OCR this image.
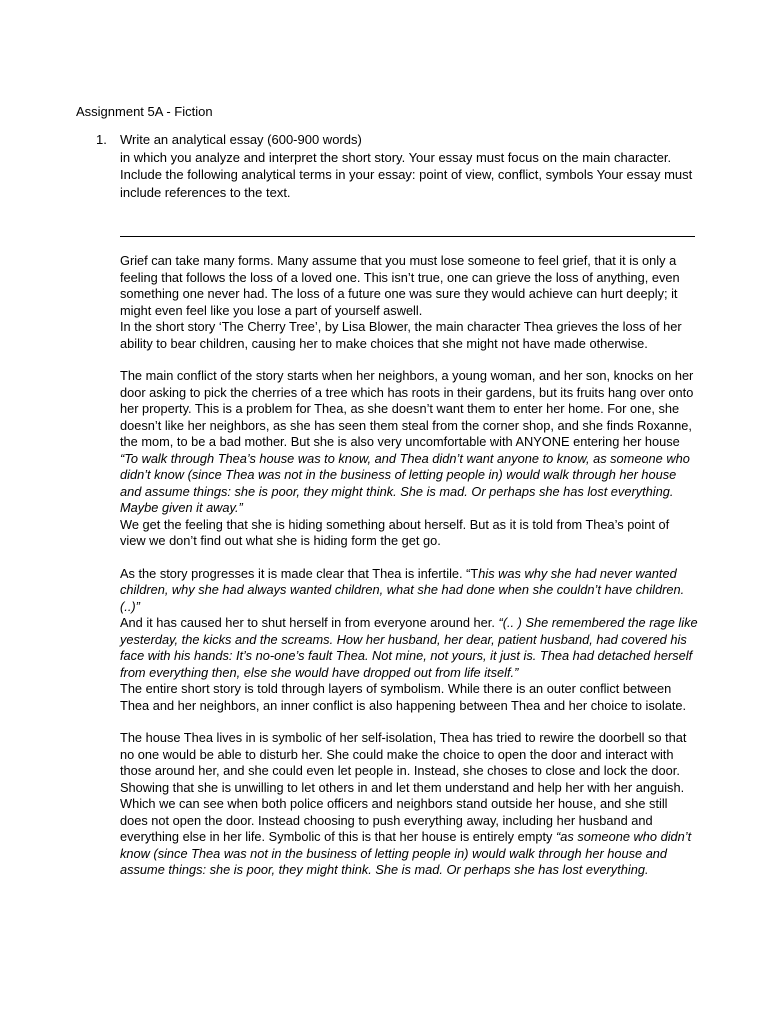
Assignment 5A - Fiction
1. Write an analytical essay (600-900 words)
in which you analyze and interpret the short story. Your essay must focus on the main character. Include the following analytical terms in your essay: point of view, conflict, symbols Your essay must include references to the text.

Grief can take many forms. Many assume that you must lose someone to feel grief, that it is only a feeling that follows the loss of a loved one. This isn’t true, one can grieve the loss of anything, even something one never had. The loss of a future one was sure they would achieve can hurt deeply; it might even feel like you lose a part of yourself aswell.

In the short story ‘The Cherry Tree’, by Lisa Blower, the main character Thea grieves the loss of her ability to bear children, causing her to make choices that she might not have made otherwise.

The main conflict of the story starts when her neighbors, a young woman, and her son, knocks on her door asking to pick the cherries of a tree which has roots in their gardens, but its fruits hang over onto her property. This is a problem for Thea, as she doesn’t want them to enter her home. For one, she doesn’t like her neighbors, as she has seen them steal from the corner shop, and she finds Roxanne, the mom, to be a bad mother. But she is also very uncomfortable with ANYONE entering her house “To walk through Thea’s house was to know, and Thea didn’t want anyone to know, as someone who didn’t know (since Thea was not in the business of letting people in) would walk through her house and assume things: she is poor, they might think. She is mad. Or perhaps she has lost everything. Maybe given it away.”

We get the feeling that she is hiding something about herself. But as it is told from Thea’s point of view we don’t find out what she is hiding form the get go.

As the story progresses it is made clear that Thea is infertile. “This was why she had never wanted children, why she had always wanted children, what she had done when she couldn’t have children. (..)”

And it has caused her to shut herself in from everyone around her. “(.. ) She remembered the rage like yesterday, the kicks and the screams. How her husband, her dear, patient husband, had covered his face with his hands: It’s no-one’s fault Thea. Not mine, not yours, it just is. Thea had detached herself from everything then, else she would have dropped out from life itself.”

The entire short story is told through layers of symbolism. While there is an outer conflict between Thea and her neighbors, an inner conflict is also happening between Thea and her choice to isolate.

The house Thea lives in is symbolic of her self-isolation, Thea has tried to rewire the doorbell so that no one would be able to disturb her. She could make the choice to open the door and interact with those around her, and she could even let people in. Instead, she choses to close and lock the door. Showing that she is unwilling to let others in and let them understand and help her with her anguish. Which we can see when both police officers and neighbors stand outside her house, and she still does not open the door. Instead choosing to push everything away, including her husband and everything else in her life. Symbolic of this is that her house is entirely empty “as someone who didn’t know (since Thea was not in the business of letting people in) would walk through her house and assume things: she is poor, they might think. She is mad. Or perhaps she has lost everything.
